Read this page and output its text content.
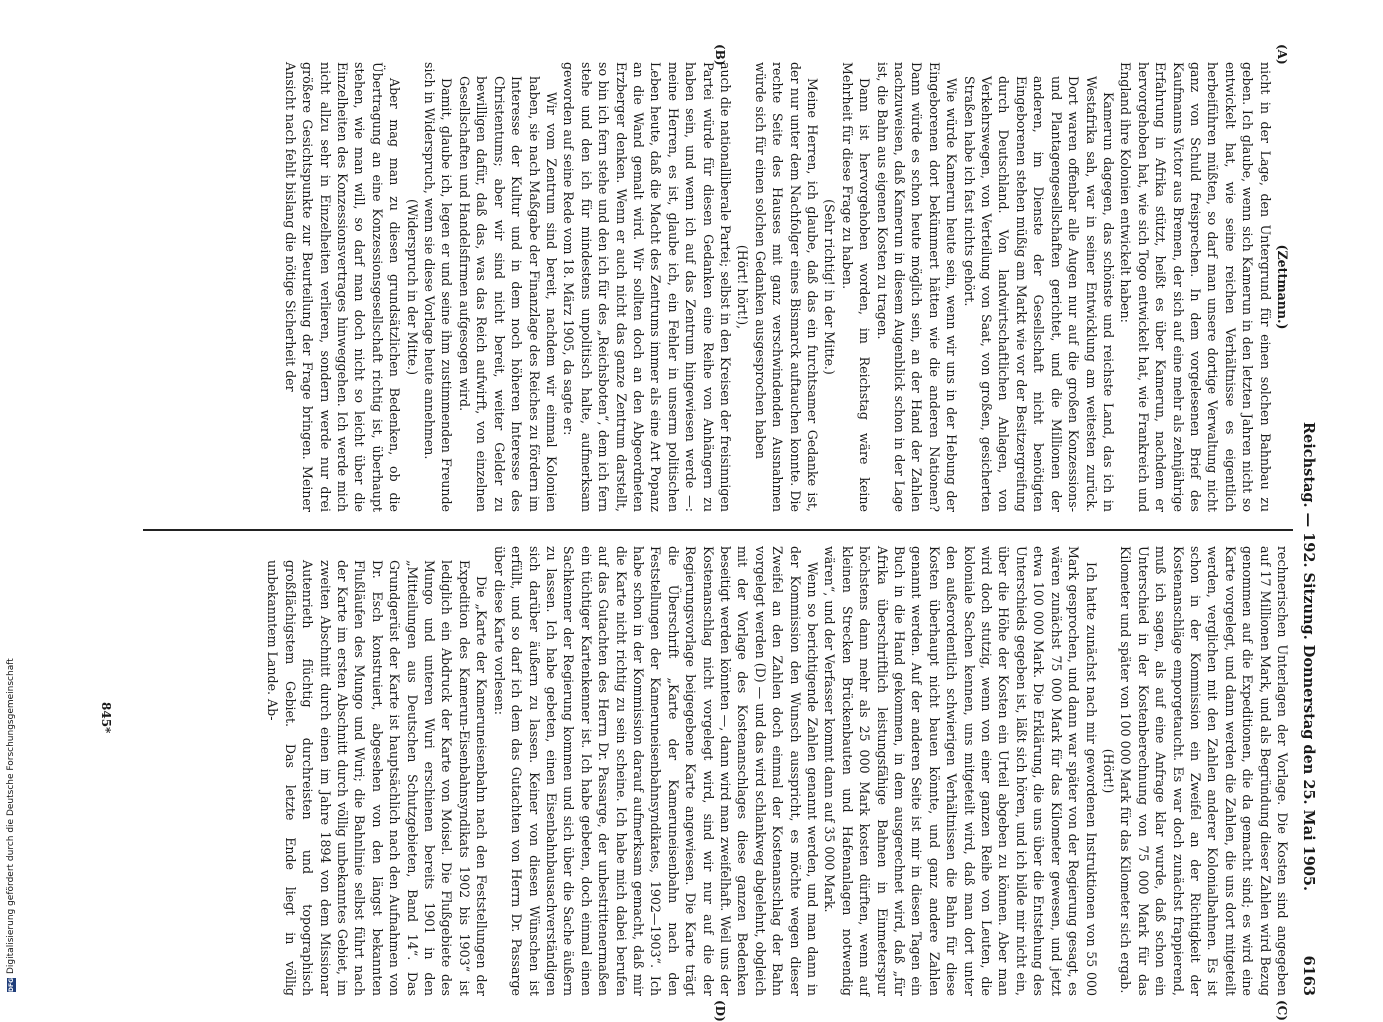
Reichstag. — 192. Sitzung. Donnerstag den 25. Mai 1905.
6163
(A)
(B)
(C)
(D)

(Zettmann.)

nicht in der Lage, den Untergrund für einen solchen Bahnbau zu geben. Ich glaube, wenn sich Kamerun in den letzten Jahren nicht so entwickelt hat, wie seine reichen Verhältnisse es eigentlich herbeiführen müßten, so darf man unsere dortige Verwaltung nicht ganz von Schuld freisprechen. In dem vorgelesenen Brief des Kaufmanns Victor aus Bremen, der sich auf eine mehr als zehnjährige Erfahrung in Afrika stützt, heißt es über Kamerun, nachdem er hervorgehoben hat, wie sich Togo entwickelt hat, wie Frankreich und England ihre Kolonien entwickelt haben:

Kamerun dagegen, das schönste und reichste Land, das ich in Westafrika sah, war in seiner Entwicklung am weitesten zurück. Dort waren offenbar alle Augen nur auf die großen Konzessions- und Plantagengesellschaften gerichtet, und die Millionen der anderen, im Dienste der Gesellschaft nicht benötigten Eingeborenen stehen müßig am Markt wie vor der Besitzergreifung durch Deutschland. Von landwirtschaftlichen Anlagen, von Verkehrswegen, von Verteilung von Saat, von großen, gesicherten Straßen habe ich fast nichts gehört.

Wie würde Kamerun heute sein, wenn wir uns in der Hebung der Eingeborenen dort bekümmert hätten wie die anderen Nationen? Dann würde es schon heute möglich sein, an der Hand der Zahlen nachzuweisen, daß Kamerun in diesem Augenblick schon in der Lage ist, die Bahn aus eigenen Kosten zu tragen.

Dann ist hervorgehoben worden, im Reichstag wäre keine Mehrheit für diese Frage zu haben.

(Sehr richtig! in der Mitte.)

Meine Herren, ich glaube, daß das ein furchtsamer Gedanke ist, der nur unter dem Nachfolger eines Bismarck auftauchen konnte. Die rechte Seite des Hauses mit ganz verschwindenden Ausnahmen würde sich für einen solchen Gedanken ausgesprochen haben

(Hört! hört!),

auch die nationalliberale Partei; selbst in den Kreisen der freisinnigen Partei würde für diesen Gedanken eine Reihe von Anhängern zu haben sein, und wenn ich auf das Zentrum hingewiesen werde —: meine Herren, es ist, glaube ich, ein Fehler in unserm politischen Leben heute, daß die Macht des Zentrums immer als eine Art Popanz an die Wand gemalt wird. Wir sollten doch an den Abgeordneten Erzberger denken. Wenn er auch nicht das ganze Zentrum darstellt, so bin ich fern stehe und den ich für des „Reichsboten“, dem ich fern stehe und den ich für mindestens unpolitisch halte, aufmerksam geworden auf seine Rede vom 18. März 1905, da sagte er:

Wir vom Zentrum sind bereit, nachdem wir einmal Kolonien haben, sie nach Maßgabe der Finanzlage des Reiches zu fördern im Interesse der Kultur und in dem noch höheren Interesse des Christentums; aber wir sind nicht bereit, weiter Gelder zu bewilligen dafür, daß das, was das Reich aufwirft, von einzelnen Gesellschaften und Handelsfirmen aufgesogen wird.

Damit, glaube ich, legen er und seine ihm zustimmenden Freunde sich in Widerspruch, wenn sie diese Vorlage heute annehmen.

(Widerspruch in der Mitte.)

Aber mag man zu diesen grundsätzlichen Bedenken, ob die Übertragung an eine Konzessionsgesellschaft richtig ist, überhaupt stehen, wie man will, so darf man doch nicht so leicht über die Einzelheiten des Konzessionsvertrages hinweggehen. Ich werde mich nicht allzu sehr in Einzelheiten verlieren, sondern werde nur drei größere Gesichtspunkte zur Beurteilung der Frage bringen. Meiner Ansicht nach fehlt bislang die nötige Sicherheit der

rechnerischen Unterlagen der Vorlage. Die Kosten sind angegeben auf 17 Millionen Mark, und als Begründung dieser Zahlen wird Bezug genommen auf die Expeditionen, die da gemacht sind; es wird eine Karte vorgelegt, und dann werden die Zahlen, die uns dort mitgeteilt werden, verglichen mit den Zahlen anderer Kolonialbahnen. Es ist schon in der Kommission ein Zweifel an der Richtigkeit der Kostenanschläge emporgetaucht. Es war doch zunächst frappierend, muß ich sagen, als auf eine Anfrage klar wurde, daß schon ein Unterschied in der Kostenberechnung von 75 000 Mark für das Kilometer und später von 100 000 Mark für das Kilometer sich ergab.

(Hört!)

Ich hatte zunächst nach mir gewordenen Instruktionen von 55 000 Mark gesprochen, und dann war später von der Regierung gesagt, es wären zunächst 75 000 Mark für das Kilometer gewesen, und jetzt etwa 100 000 Mark. Die Erklärung, die uns über die Entstehung des Unterschieds gegeben ist, läßt sich hören, und ich bilde mir nicht ein, über die Höhe der Kosten ein Urteil abgeben zu können. Aber man wird doch stutzig, wenn von einer ganzen Reihe von Leuten, die koloniale Sachen kennen, uns mitgeteilt wird, daß man dort unter den außerordentlich schwierigen Verhältnissen die Bahn für diese Kosten überhaupt nicht bauen könnte, und ganz andere Zahlen genannt werden. Auf der anderen Seite ist mir in diesen Tagen ein Buch in die Hand gekommen, in dem ausgerechnet wird, daß „für Afrika überschriftlich leistungsfähige Bahnen in Einmeterspur höchstens dann mehr als 25 000 Mark kosten dürften, wenn auf kleinen Strecken Brückenbauten und Hafenanlagen notwendig wären“, und der Verfasser kommt dann auf 35 000 Mark.

Wenn so berichtigende Zahlen genannt werden, und man dann in der Kommission den Wunsch ausspricht, es möchte wegen dieser Zweifel an den Zahlen doch einmal der Kostenanschlag der Bahn vorgelegt werden (D) — und das wird schlankweg abgelehnt, obgleich mit der Vorlage des Kostenanschlages diese ganzen Bedenken beseitigt werden könnten —, dann wird man zweifelhaft. Weil uns der Kostenanschlag nicht vorgelegt wird, sind wir nur auf die der Regierungsvorlage beigegebene Karte angewiesen. Die Karte trägt die Überschrift „Karte der Kameruneisenbahn nach den Feststellungen der Kameruneisenbahnsyndikates, 1902—1903“. Ich habe schon in der Kommission darauf aufmerksam gemacht, daß mir die Karte nicht richtig zu sein scheine. Ich habe mich dabei berufen auf das Gutachten des Herrn Dr. Passarge, der unbestrittenermaßen ein tüchtiger Kartenkenner ist. Ich habe gebeten, doch einmal einen Sachkenner der Regierung kommen und sich über die Sache äußern zu lassen. Ich habe gebeten, einen Eisenbahnbausachverständigen sich darüber äußern zu lassen. Keiner von diesen Wünschen ist erfüllt, und so darf ich dem das Gutachten von Herrn Dr. Passarge über diese Karte vorlesen:

Die „Karte der Kameruneisenbahn nach den Feststellungen der Expedition des Kamerun-Eisenbahnsyndikats 1902 bis 1903“ ist lediglich ein Abdruck der Karte von Moisel. Die Flußgebiete des Mungo und unteren Wuri erschienen bereits 1901 in den „Mitteilungen aus Deutschen Schutzgebieten, Band 14“. Das Grundgerüst der Karte ist hauptsächlich nach den Aufnahmen von Dr. Esch konstruiert, abgesehen von den längst bekannten Flußläufen des Mungo und Wuri; die Bahnlinie selbst führt nach der Karte im ersten Abschnitt durch völlig unbekanntes Gebiet, im zweiten Abschnitt durch einen im Jahre 1894 von dem Missionar Autenrieth flüchtig durchreisten und topographisch großflächigstem Gebiet. Das letzte Ende liegt in völlig unbekanntem Lande. Ab-

845*
DFG
Digitalisierung gefördert durch die Deutsche Forschungsgemeinschaft
